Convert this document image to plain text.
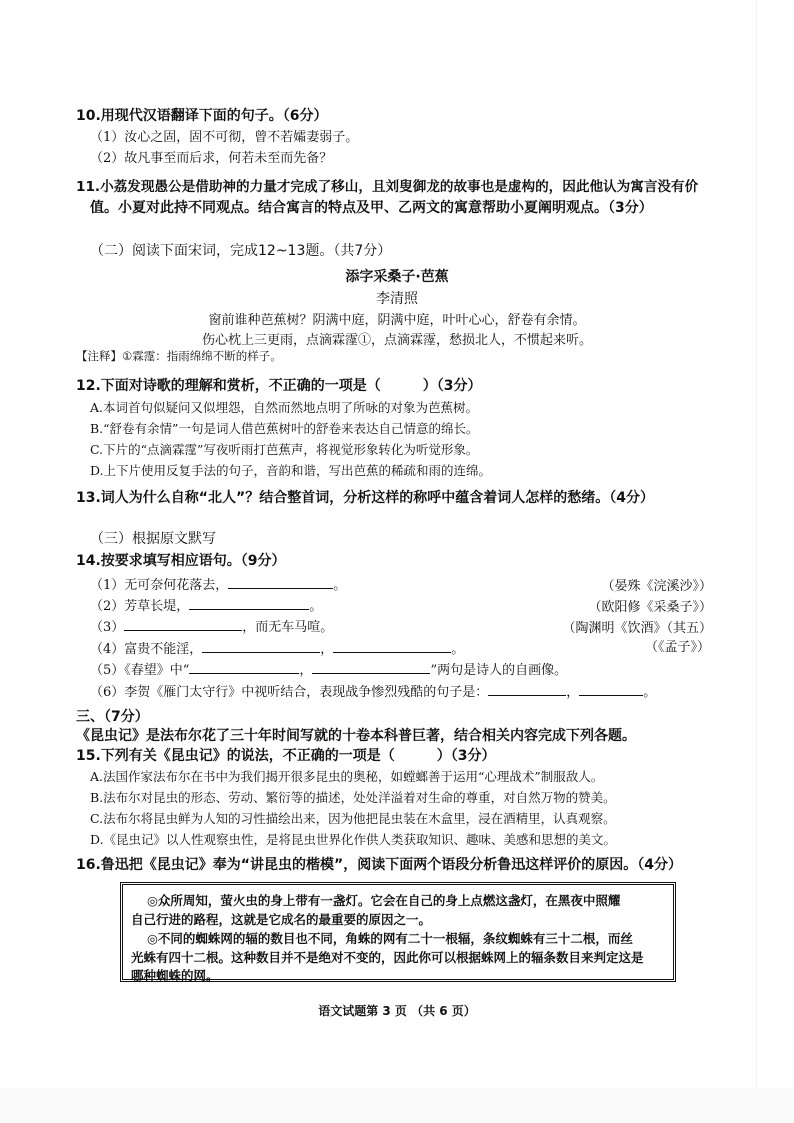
10.用现代汉语翻译下面的句子。（6分）
（1）汝心之固，固不可彻，曾不若孀妻弱子。
（2）故凡事至而后求，何若未至而先备？
11.小荔发现愚公是借助神的力量才完成了移山，且刘叟御龙的故事也是虚构的，因此他认为寓言没有价
值。小夏对此持不同观点。结合寓言的特点及甲、乙两文的寓意帮助小夏阐明观点。（3分）
（二）阅读下面宋词，完成12~13题。（共7分）
添字采桑子·芭蕉
李清照
窗前谁种芭蕉树？阴满中庭，阴满中庭，叶叶心心，舒卷有余情。
伤心枕上三更雨，点滴霖霪①，点滴霖霪，愁损北人，不惯起来听。
【注释】①霖霪：指雨绵绵不断的样子。
12.下面对诗歌的理解和赏析，不正确的一项是（　　　）（3分）
A.本词首句似疑问又似埋怨，自然而然地点明了所咏的对象为芭蕉树。
B.“舒卷有余情”一句是词人借芭蕉树叶的舒卷来表达自己情意的绵长。
C.下片的“点滴霖霪”写夜听雨打芭蕉声，将视觉形象转化为听觉形象。
D.上下片使用反复手法的句子，音韵和谐，写出芭蕉的稀疏和雨的连绵。
13.词人为什么自称“北人”？结合整首词，分析这样的称呼中蕴含着词人怎样的愁绪。（4分）
（三）根据原文默写
14.按要求填写相应语句。（9分）
（1）无可奈何花落去，	。	（晏殊《浣溪沙》）
（2）芳草长堤，	。	（欧阳修《采桑子》）
（3）	，而无车马喧。	（陶渊明《饮酒》（其五）
（4）富贵不能淫，	，	。	（《孟子》）
（5）《春望》中“	，	”两句是诗人的自画像。
（6）李贺《雁门太守行》中视听结合，表现战争惨烈残酷的句子是：	，	。
三、（7分）
《昆虫记》是法布尔花了三十年时间写就的十卷本科普巨著，结合相关内容完成下列各题。
15.下列有关《昆虫记》的说法，不正确的一项是（　　　）（3分）
A.法国作家法布尔在书中为我们揭开很多昆虫的奥秘，如螳螂善于运用“心理战术”制服敌人。
B.法布尔对昆虫的形态、劳动、繁衍等的描述，处处洋溢着对生命的尊重，对自然万物的赞美。
C.法布尔将昆虫鲜为人知的习性描绘出来，因为他把昆虫装在木盒里，浸在酒精里，认真观察。
D.《昆虫记》以人性观察虫性，是将昆虫世界化作供人类获取知识、趣味、美感和思想的美文。
16.鲁迅把《昆虫记》奉为“讲昆虫的楷模”，阅读下面两个语段分析鲁迅这样评价的原因。（4分）
◎众所周知，萤火虫的身上带有一盏灯。它会在自己的身上点燃这盏灯，在黑夜中照耀
自己行进的路程，这就是它成名的最重要的原因之一。
◎不同的蜘蛛网的辐的数目也不同，角蛛的网有二十一根辐，条纹蜘蛛有三十二根，而丝
光蛛有四十二根。这种数目并不是绝对不变的，因此你可以根据蛛网上的辐条数目来判定这是
哪种蜘蛛的网。
语文试题第 3 页 （共 6 页）
